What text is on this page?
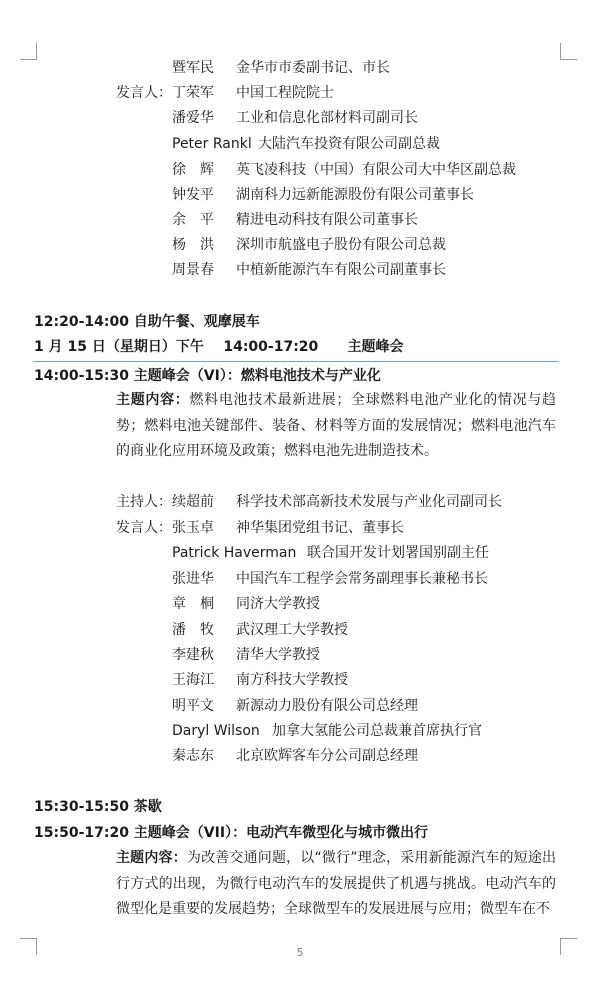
暨军民 金华市市委副书记、市长
发言人： 丁荣军 中国工程院院士
潘爱华 工业和信息化部材料司副司长
Peter Rankl 大陆汽车投资有限公司副总裁
徐　辉 英飞凌科技（中国）有限公司大中华区副总裁
钟发平 湖南科力远新能源股份有限公司董事长
余　平 精进电动科技有限公司董事长
杨　洪 深圳市航盛电子股份有限公司总裁
周景春 中植新能源汽车有限公司副董事长
12:20-14:00 自助午餐、观摩展车
1 月 15 日（星期日）下午    14:00-17:20      主题峰会
14:00-15:30 主题峰会（VI）：燃料电池技术与产业化
主题内容：燃料电池技术最新进展；全球燃料电池产业化的情况与趋势；燃料电池关键部件、装备、材料等方面的发展情况；燃料电池汽车的商业化应用环境及政策；燃料电池先进制造技术。
主持人： 续超前 科学技术部高新技术发展与产业化司副司长
发言人： 张玉卓 神华集团党组书记、董事长
Patrick Haverman 联合国开发计划署国别副主任
张进华 中国汽车工程学会常务副理事长兼秘书长
章　桐 同济大学教授
潘　牧 武汉理工大学教授
李建秋 清华大学教授
王海江 南方科技大学教授
明平文 新源动力股份有限公司总经理
Daryl Wilson 加拿大氢能公司总裁兼首席执行官
秦志东 北京欧辉客车分公司副总经理
15:30-15:50 茶歇
15:50-17:20 主题峰会（VII）：电动汽车微型化与城市微出行
主题内容：为改善交通问题，以“微行”理念，采用新能源汽车的短途出行方式的出现，为微行电动汽车的发展提供了机遇与挑战。电动汽车的微型化是重要的发展趋势；全球微型车的发展进展与应用；微型车在不
5
